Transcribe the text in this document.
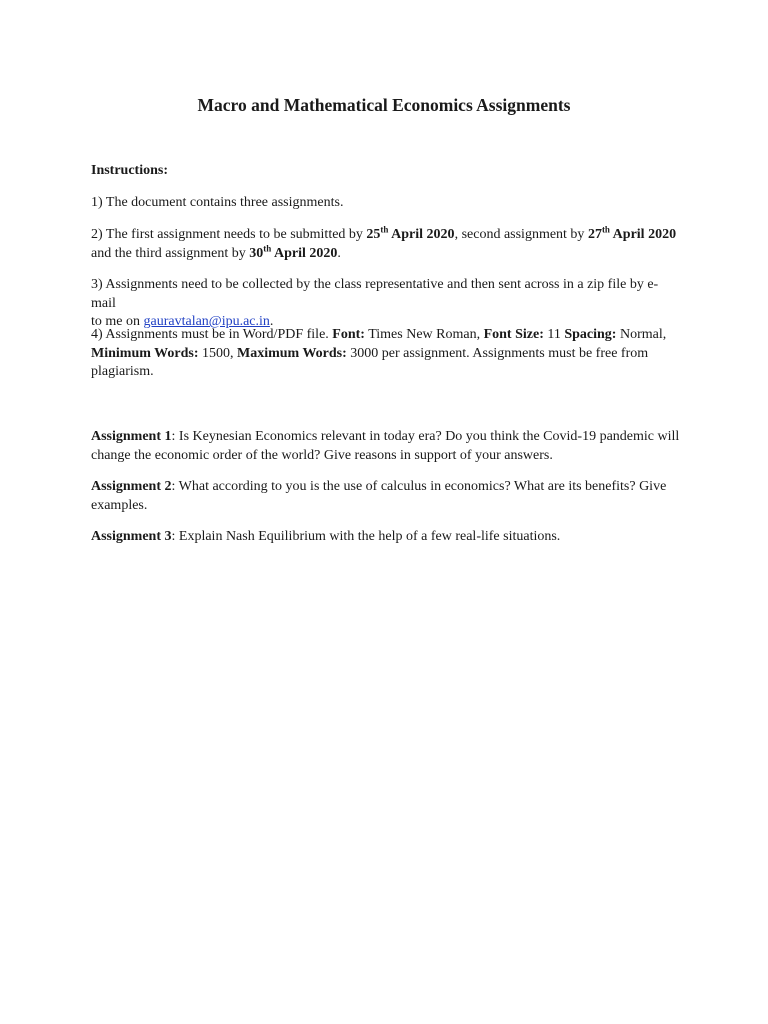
Macro and Mathematical Economics Assignments
Instructions:
1) The document contains three assignments.
2) The first assignment needs to be submitted by 25th April 2020, second assignment by 27th April 2020
and the third assignment by 30th April 2020.
3) Assignments need to be collected by the class representative and then sent across in a zip file by e-mail
to me on gauravtalan@ipu.ac.in.
4) Assignments must be in Word/PDF file. Font: Times New Roman, Font Size: 11 Spacing: Normal,
Minimum Words: 1500, Maximum Words: 3000 per assignment. Assignments must be free from
plagiarism.
Assignment 1: Is Keynesian Economics relevant in today era? Do you think the Covid-19 pandemic will
change the economic order of the world? Give reasons in support of your answers.
Assignment 2: What according to you is the use of calculus in economics? What are its benefits? Give
examples.
Assignment 3: Explain Nash Equilibrium with the help of a few real-life situations.
